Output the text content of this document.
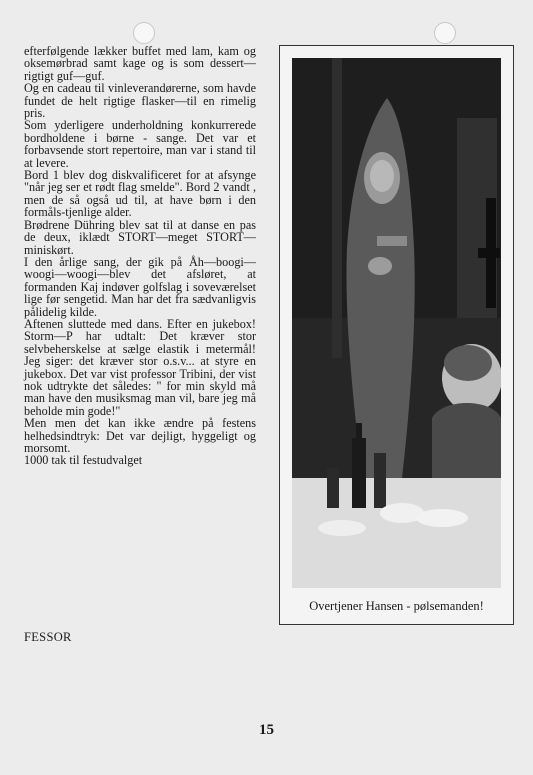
efterfølgende lækker buffet med lam, kam og oksemørbrad samt kage og is som dessert—rigtigt guf—guf.

Og en cadeau til vinleverandørerne, som havde fundet de helt rigtige flasker—til en rimelig pris.

Som yderligere underholdning konkurrerede bordholdene i børne - sange. Det var et forbavsende stort repertoire, man var i stand til at levere.

Bord 1 blev dog diskvalificeret for at afsynge "når jeg ser et rødt flag smelde". Bord 2 vandt , men de så også ud til, at have børn i den formåls-tjenlige alder.

Brødrene Dühring blev sat til at danse en pas de deux, iklædt STORT—meget STORT—miniskørt.

I den årlige sang, der gik på Åh—boogi—woogi—woogi—blev det afsløret, at formanden Kaj indøver golfslag i soveværelset lige før sengetid. Man har det fra sædvanligvis pålidelig kilde.

Aftenen sluttede med dans. Efter en jukebox! Storm—P har udtalt: Det kræver stor selvbeherskelse at sælge elastik i metermål! Jeg siger: det kræver stor o.s.v... at styre en jukebox. Det var vist professor Tribini, der vist nok udtrykte det således: " for min skyld må man have den musiksmag man vil, bare jeg må beholde min gode!"

Men men det kan ikke ændre på festens helhedsindtryk: Det var dejligt, hyggeligt og morsomt.

1000 tak til festudvalget

FESSOR
Overtjener Hansen - pølsemanden!
15
